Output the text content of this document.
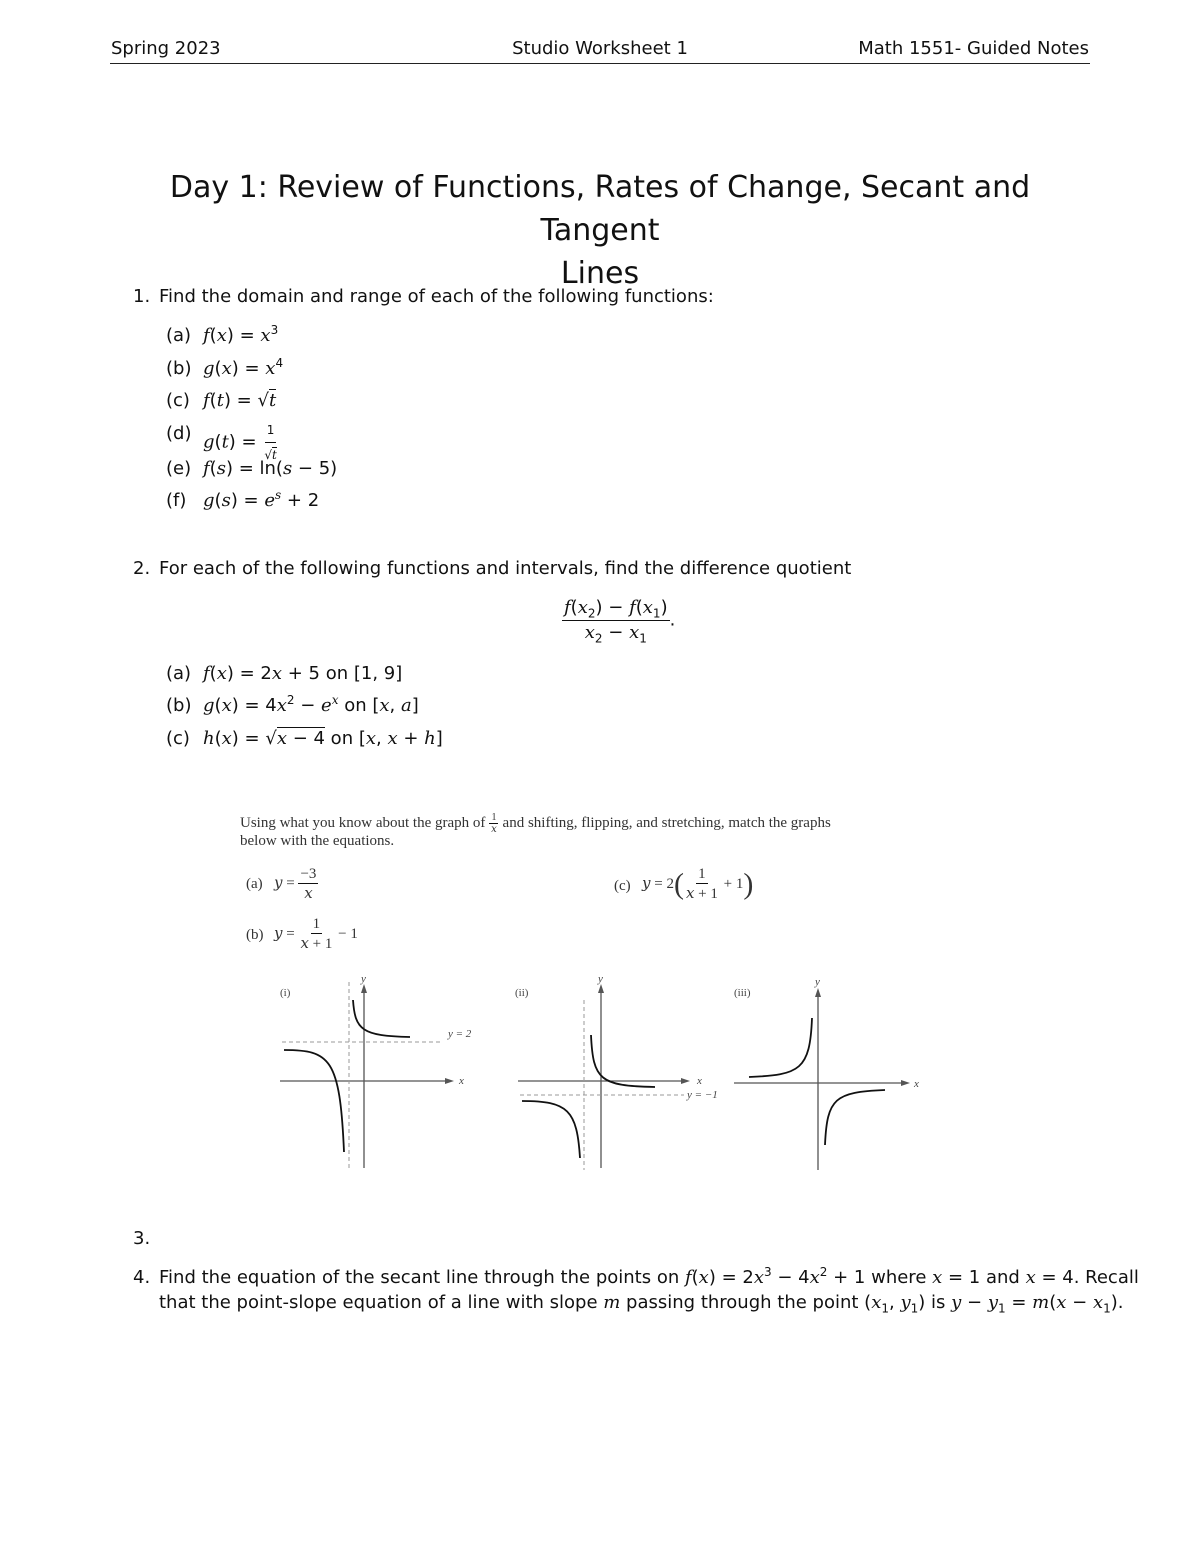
Spring 2023	Studio Worksheet 1	Math 1551- Guided Notes
Day 1: Review of Functions, Rates of Change, Secant and Tangent
Lines
1. Find the domain and range of each of the following functions:
(a) $f(x) = x^3$
(b) $g(x) = x^4$
(c) f(t) = √t
(d) $g(t) = \frac{1}{√t}$
(e) f(s) = ln(s − 5)
(f) $g(s) = e^s + 2$
2. For each of the following functions and intervals, find the difference quotient
$\frac{f(x_2) - f(x_1)}{x_2 - x_1}$ .
(a) f(x) = 2x + 5 on [1, 9]
(b) $g(x) = 4x^2 - e^x$ on [x, a]
(c) h(x) = √x − 4 on [x, x + h]
Using what you know about the graph of $\frac{1}{x}$ and shifting, flipping, and stretching, match the graphs
below with the equations.
(a) $y = \frac{-3}{x}$
(b) $y = \frac{1}{x + 1} - 1$
(c) $y = 2( \frac{1}{x + 1} + 1)$
(i)
y
x
y = 2
(ii)
y
x
y = −1
(iii)
y
x
3.
4. Find the equation of the secant line through the points on $f(x) = 2x^3 - 4x^2 + 1$ where x = 1 and x = 4. Recall
that the point-slope equation of a line with slope m passing through the point ($x_1$, $y_1$) is $y - y_1 = m(x - x_1)$.
